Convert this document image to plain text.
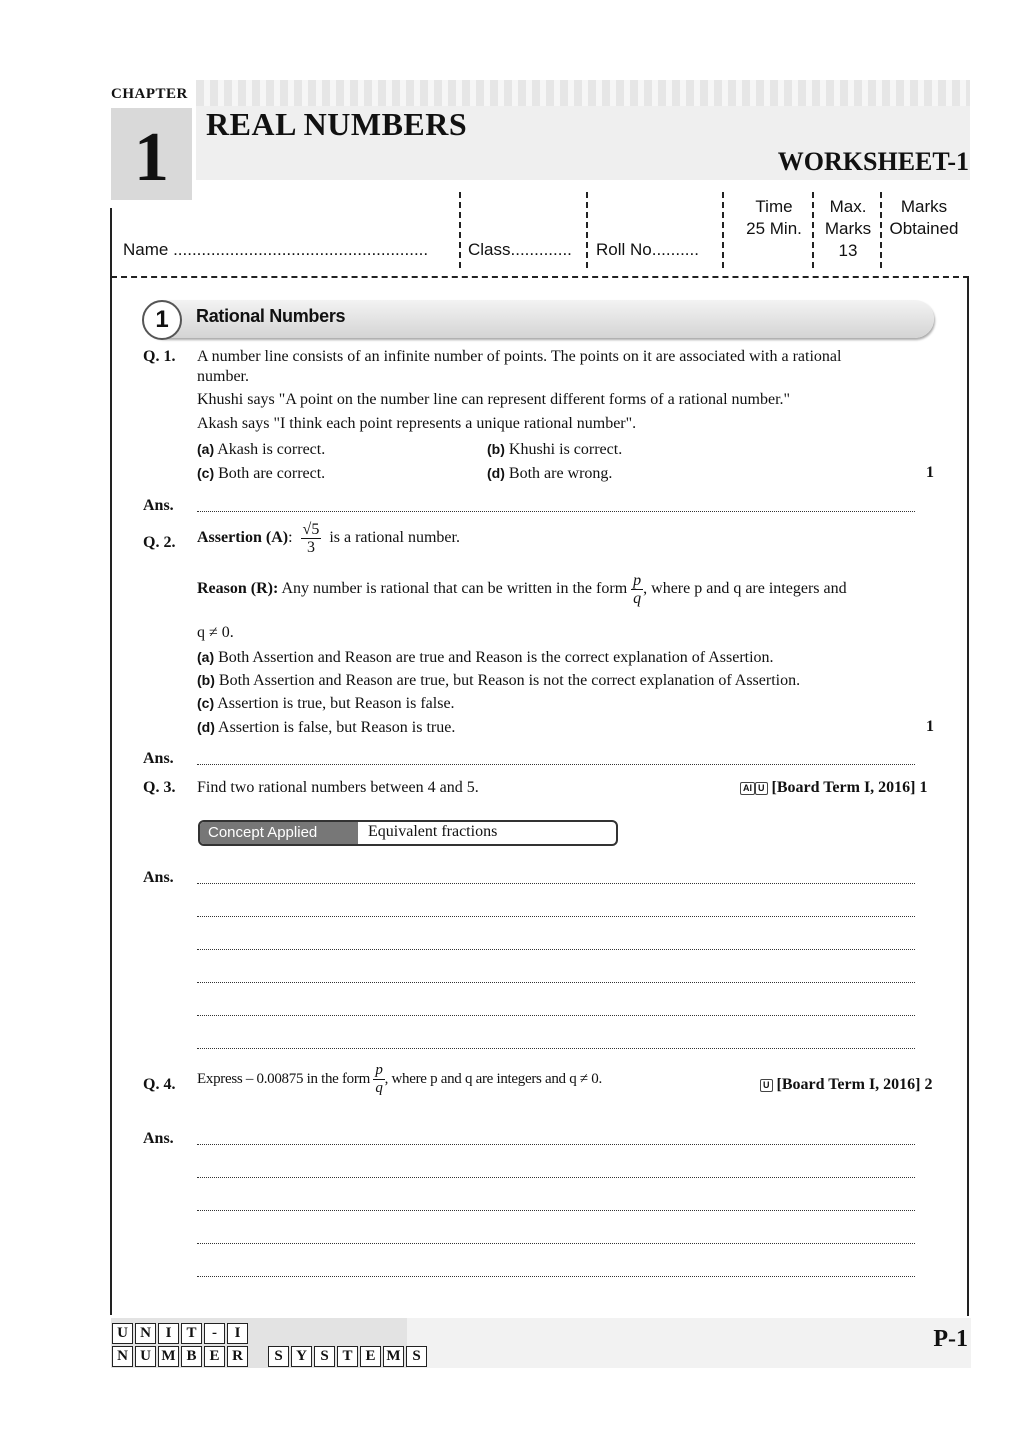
CHAPTER
1	REAL NUMBERS
WORKSHEET-1
Name ...................................................... Class............. Roll No..........
Time
25 Min.
Max.
Marks
13
Marks
Obtained
1	Rational Numbers
Q. 1. A number line consists of an infinite number of points. The points on it are associated with a rational
number.
Khushi says "A point on the number line can represent different forms of a rational number."
Akash says "I think each point represents a unique rational number".
(a) Akash is correct.	(b) Khushi is correct.
(c) Both are correct.	(d) Both are wrong.	1
Ans.
Q. 2. Assertion (A): $\frac{√5}{3}$ is a rational number.
Reason (R): Any number is rational that can be written in the form $\frac{p}{q}$ , where p and q are integers and
q ≠ 0.
(a) Both Assertion and Reason are true and Reason is the correct explanation of Assertion.
(b) Both Assertion and Reason are true, but Reason is not the correct explanation of Assertion.
(c) Assertion is true, but Reason is false.
(d) Assertion is false, but Reason is true.	1
Ans.
Q. 3. Find two rational numbers between 4 and 5.	AI U [Board Term I, 2016] 1
Concept Applied	Equivalent fractions
Ans.
Q. 4. Express – 0.00875 in the form $\frac{p}{q}$ , where p and q are integers and q ≠ 0.	U [Board Term I, 2016] 2
Ans.
U N I T - I
N U M B E R S Y S T E M S
P-1
